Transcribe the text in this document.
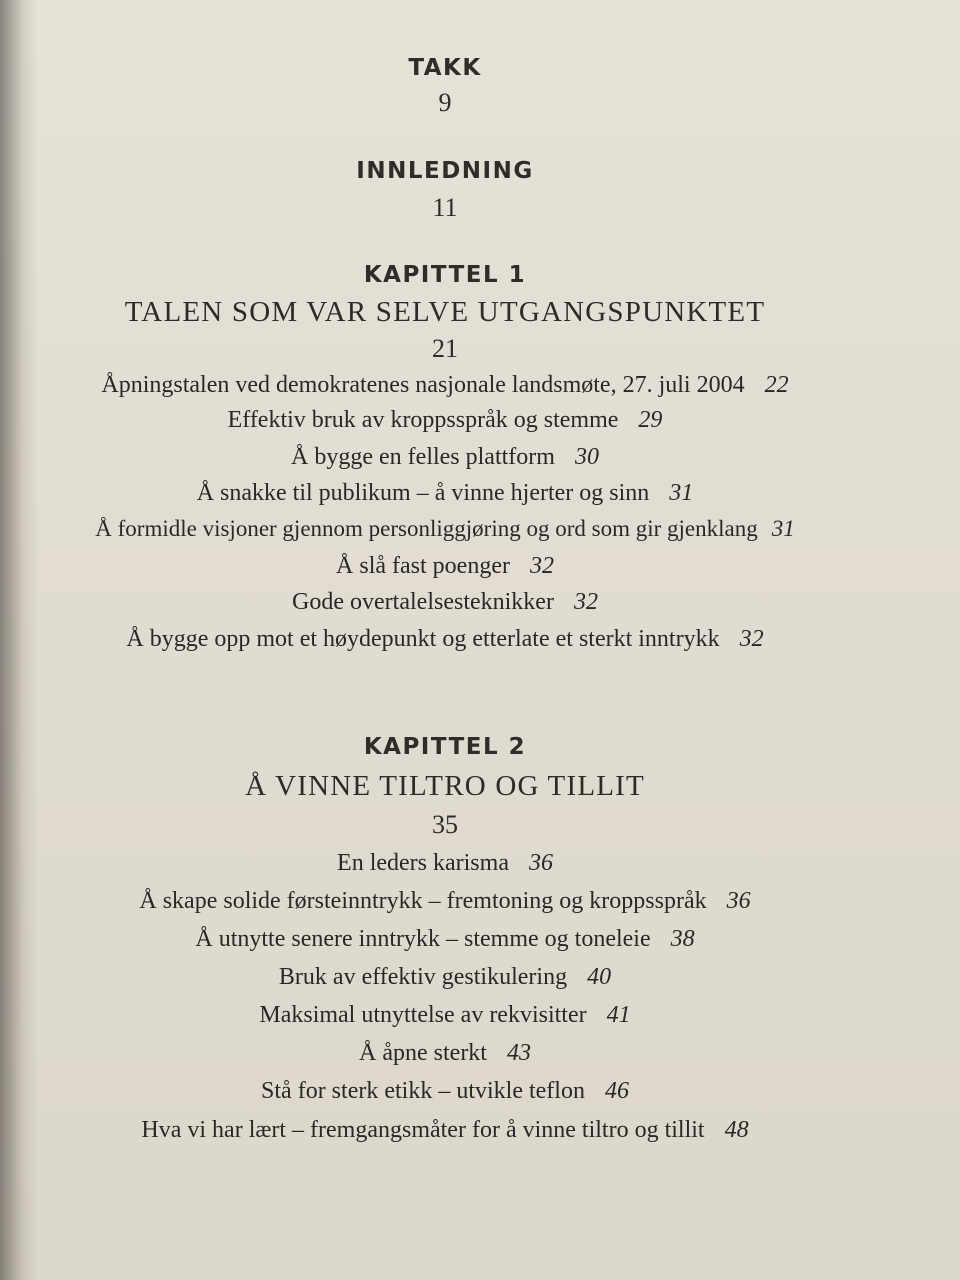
TAKK
9
INNLEDNING
11
KAPITTEL 1
TALEN SOM VAR SELVE UTGANGSPUNKTET
21
Åpningstalen ved demokratenes nasjonale landsmøte, 27. juli 2004 22
Effektiv bruk av kroppsspråk og stemme 29
Å bygge en felles plattform 30
Å snakke til publikum – å vinne hjerter og sinn 31
Å formidle visjoner gjennom personliggjøring og ord som gir gjenklang 31
Å slå fast poenger 32
Gode overtalelsesteknikker 32
Å bygge opp mot et høydepunkt og etterlate et sterkt inntrykk 32
KAPITTEL 2
Å VINNE TILTRO OG TILLIT
35
En leders karisma 36
Å skape solide førsteinntrykk – fremtoning og kroppsspråk 36
Å utnytte senere inntrykk – stemme og toneleie 38
Bruk av effektiv gestikulering 40
Maksimal utnyttelse av rekvisitter 41
Å åpne sterkt 43
Stå for sterk etikk – utvikle teflon 46
Hva vi har lært – fremgangsmåter for å vinne tiltro og tillit 48
